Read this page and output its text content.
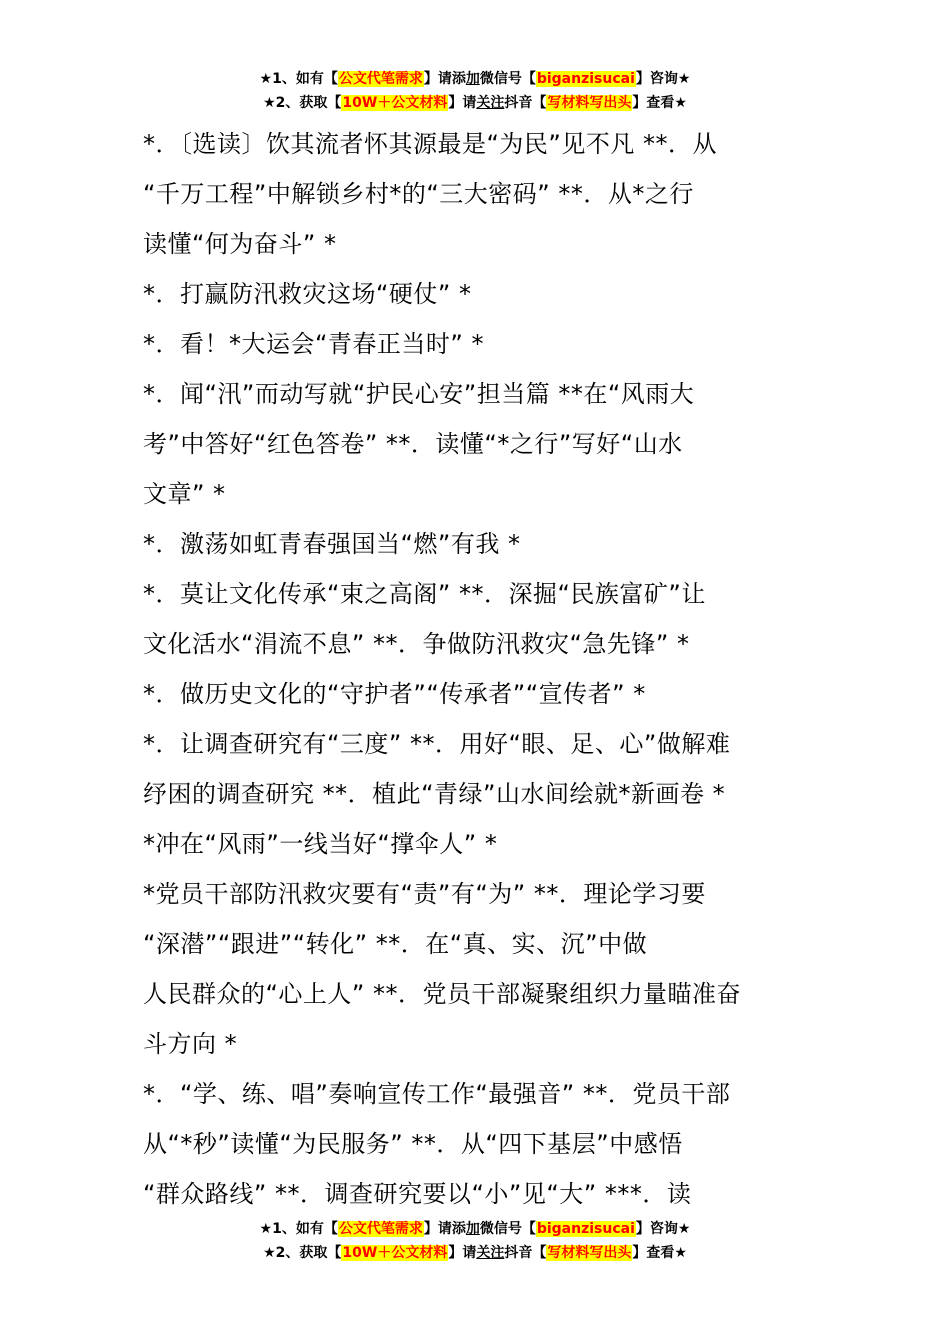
★1、如有【公文代笔需求】请添加微信号【biganzisucai】咨询★
★2、获取【10W＋公文材料】请关注抖音【写材料写出头】查看★
*．〔选读〕饮其流者怀其源最是“为民”见不凡 **．从
“千万工程”中解锁乡村*的“三大密码” **．从*之行
读懂“何为奋斗” *
*．打赢防汛救灾这场“硬仗” *
*．看！*大运会“青春正当时” *
*．闻“汛”而动写就“护民心安”担当篇 **在“风雨大
考”中答好“红色答卷” **．读懂“*之行”写好“山水
文章” *
*．激荡如虹青春强国当“燃”有我 *
*．莫让文化传承“束之高阁” **．深掘“民族富矿”让
文化活水“涓流不息” **．争做防汛救灾“急先锋” *
*．做历史文化的“守护者”“传承者”“宣传者” *
*．让调查研究有“三度” **．用好“眼、足、心”做解难
纾困的调查研究 **．植此“青绿”山水间绘就*新画卷 *
*冲在“风雨”一线当好“撑伞人” *
*党员干部防汛救灾要有“责”有“为” **．理论学习要
“深潜”“跟进”“转化” **．在“真、实、沉”中做
人民群众的“心上人” **．党员干部凝聚组织力量瞄准奋
斗方向 *
*．“学、练、唱”奏响宣传工作“最强音” **．党员干部
从“*秒”读懂“为民服务” **．从“四下基层”中感悟
“群众路线” **．调查研究要以“小”见“大” ***．读
★1、如有【公文代笔需求】请添加微信号【biganzisucai】咨询★
★2、获取【10W＋公文材料】请关注抖音【写材料写出头】查看★
